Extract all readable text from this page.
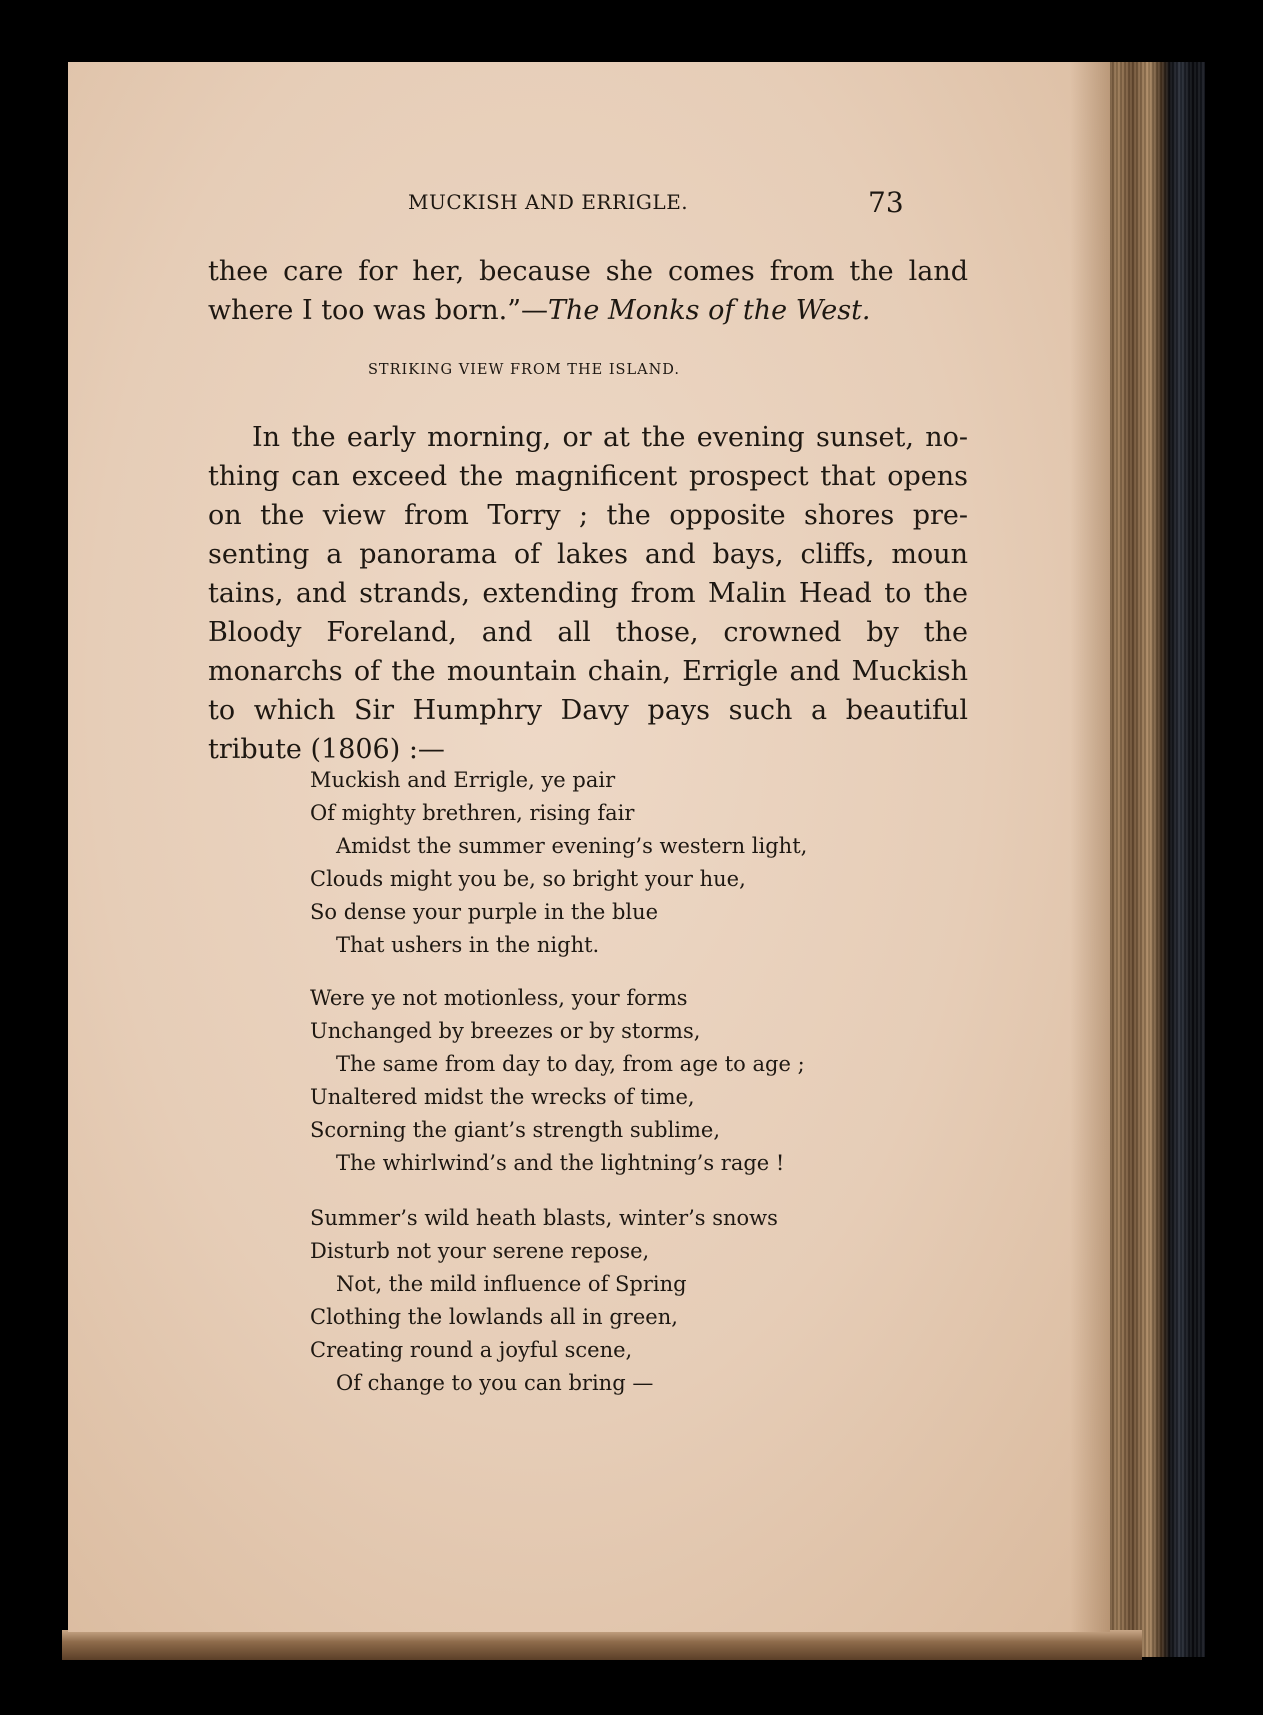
MUCKISH AND ERRIGLE.	73

thee care for her, because she comes from the land
where I too was born.”—The Monks of the West.

STRIKING VIEW FROM THE ISLAND.

In the early morning, or at the evening sunset, no-
thing can exceed the magnificent prospect that opens
on the view from Torry ; the opposite shores pre-
senting a panorama of lakes and bays, cliffs, moun
tains, and strands, extending from Malin Head to the
Bloody Foreland, and all those, crowned by the
monarchs of the mountain chain, Errigle and Muckish
to which Sir Humphry Davy pays such a beautiful
tribute (1806) :—

Muckish and Errigle, ye pair
Of mighty brethren, rising fair
Amidst the summer evening’s western light,
Clouds might you be, so bright your hue,
So dense your purple in the blue
That ushers in the night.
Were ye not motionless, your forms
Unchanged by breezes or by storms,
The same from day to day, from age to age ;
Unaltered midst the wrecks of time,
Scorning the giant’s strength sublime,
The whirlwind’s and the lightning’s rage !
Summer’s wild heath blasts, winter’s snows
Disturb not your serene repose,
Not, the mild influence of Spring
Clothing the lowlands all in green,
Creating round a joyful scene,
Of change to you can bring —
